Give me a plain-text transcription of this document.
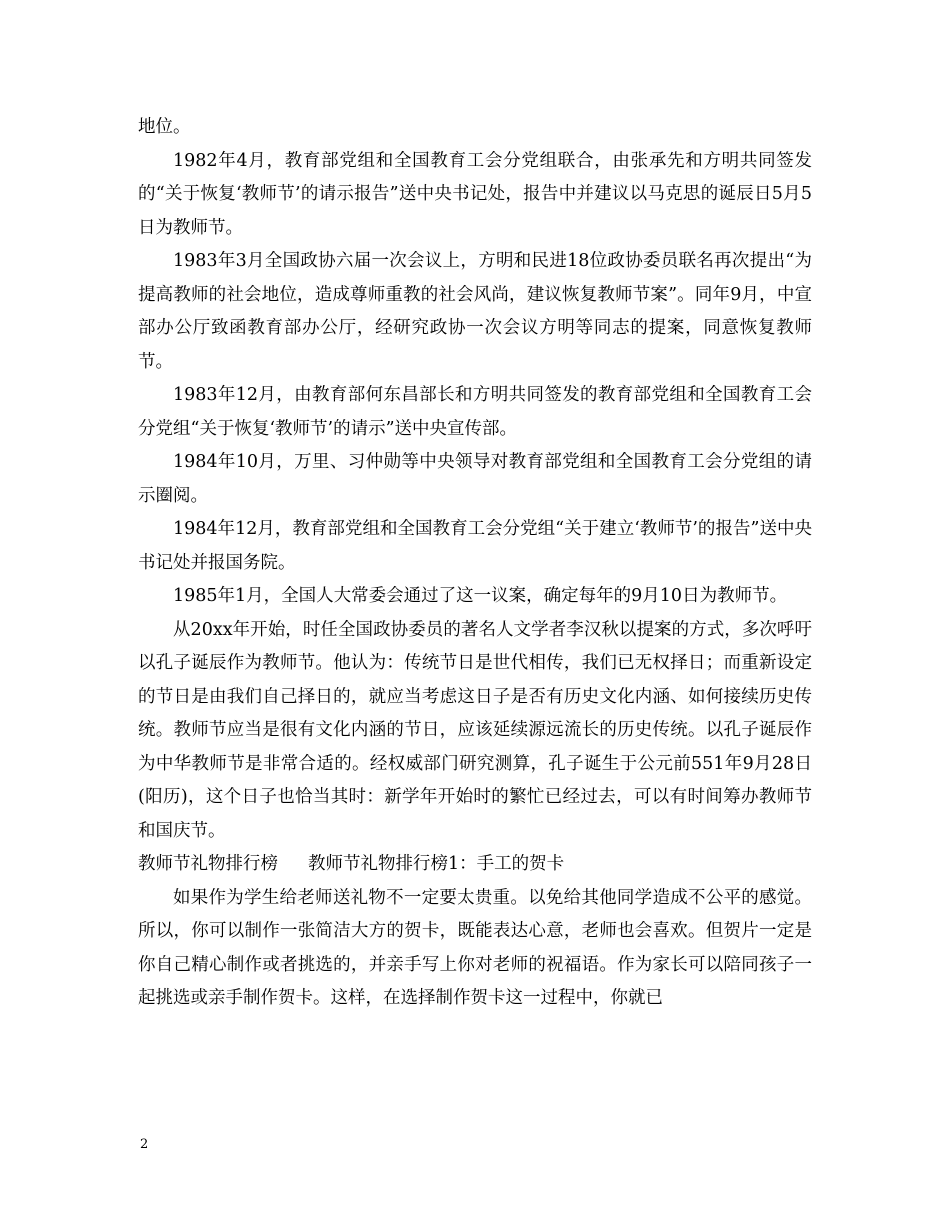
地位。

1982年4月，教育部党组和全国教育工会分党组联合，由张承先和方明共同签发的“关于恢复‘教师节’的请示报告”送中央书记处，报告中并建议以马克思的诞辰日5月5日为教师节。

1983年3月全国政协六届一次会议上，方明和民进18位政协委员联名再次提出“为提高教师的社会地位，造成尊师重教的社会风尚，建议恢复教师节案”。同年9月，中宣部办公厅致函教育部办公厅，经研究政协一次会议方明等同志的提案，同意恢复教师节。

1983年12月，由教育部何东昌部长和方明共同签发的教育部党组和全国教育工会分党组“关于恢复‘教师节’的请示”送中央宣传部。

1984年10月，万里、习仲勋等中央领导对教育部党组和全国教育工会分党组的请示圈阅。

1984年12月，教育部党组和全国教育工会分党组“关于建立‘教师节’的报告”送中央书记处并报国务院。

1985年1月，全国人大常委会通过了这一议案，确定每年的9月10日为教师节。

从20xx年开始，时任全国政协委员的著名人文学者李汉秋以提案的方式，多次呼吁以孔子诞辰作为教师节。他认为：传统节日是世代相传，我们已无权择日；而重新设定的节日是由我们自己择日的，就应当考虑这日子是否有历史文化内涵、如何接续历史传统。教师节应当是很有文化内涵的节日，应该延续源远流长的历史传统。以孔子诞辰作为中华教师节是非常合适的。经权威部门研究测算，孔子诞生于公元前551年9月28日(阳历)，这个日子也恰当其时：新学年开始时的繁忙已经过去，可以有时间筹办教师节和国庆节。

教师节礼物排行榜 教师节礼物排行榜1：手工的贺卡

如果作为学生给老师送礼物不一定要太贵重。以免给其他同学造成不公平的感觉。所以，你可以制作一张简洁大方的贺卡，既能表达心意，老师也会喜欢。但贺片一定是你自己精心制作或者挑选的，并亲手写上你对老师的祝福语。作为家长可以陪同孩子一起挑选或亲手制作贺卡。这样，在选择制作贺卡这一过程中，你就已

2
